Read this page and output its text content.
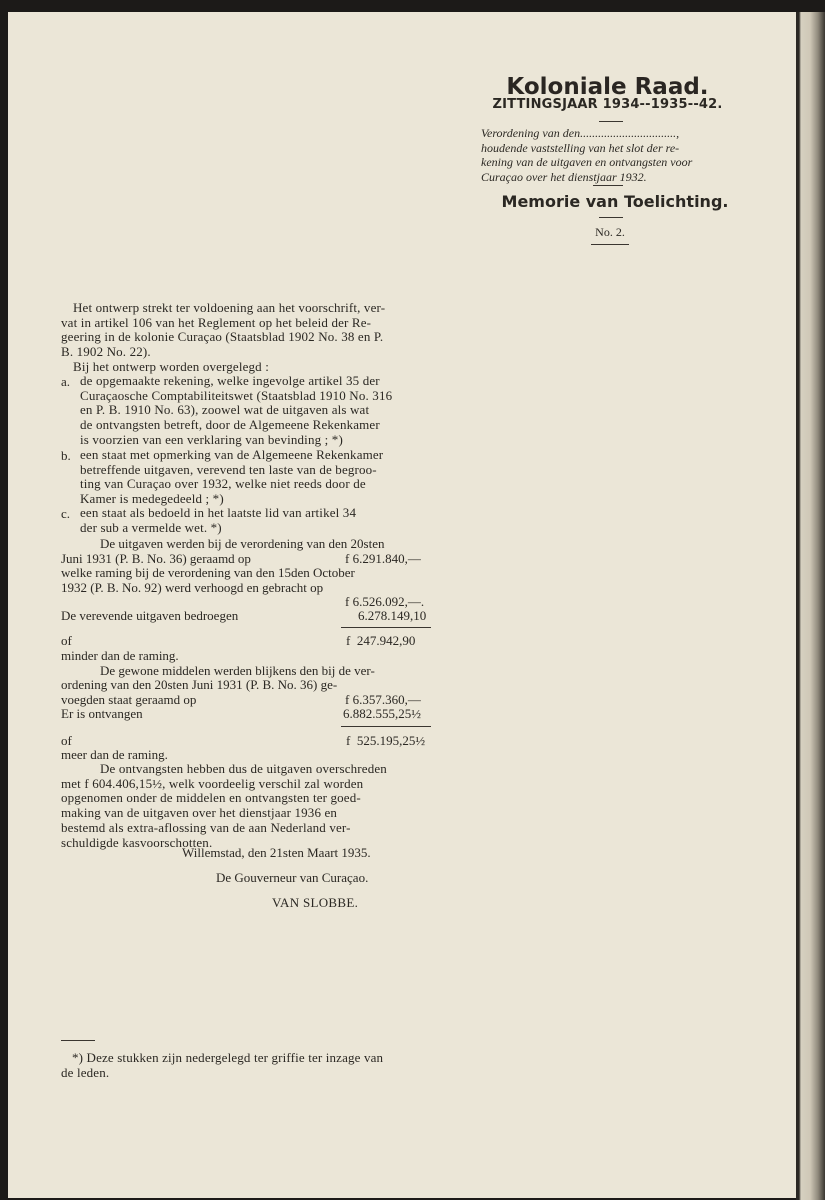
Koloniale Raad.
ZITTINGSJAAR 1934--1935--42.
Verordening van den................................,
houdende vaststelling van het slot der re-
kening van de uitgaven en ontvangsten voor
Curaçao over het dienstjaar 1932.
Memorie van Toelichting.
No. 2.
Het ontwerp strekt ter voldoening aan het voorschrift, ver-
vat in artikel 106 van het Reglement op het beleid der Re-
geering in de kolonie Curaçao (Staatsblad 1902 No. 38 en P.
B. 1902 No. 22).
Bij het ontwerp worden overgelegd :
a. de opgemaakte rekening, welke ingevolge artikel 35 der
Curaçaosche Comptabiliteitswet (Staatsblad 1910 No. 316
en P. B. 1910 No. 63), zoowel wat de uitgaven als wat
de ontvangsten betreft, door de Algemeene Rekenkamer
is voorzien van een verklaring van bevinding ; *)
b. een staat met opmerking van de Algemeene Rekenkamer
betreffende uitgaven, verevend ten laste van de begroo-
ting van Curaçao over 1932, welke niet reeds door de
Kamer is medegedeeld ; *)
c. een staat als bedoeld in het laatste lid van artikel 34
der sub a vermelde wet. *)
De uitgaven werden bij de verordening van den 20sten
Juni 1931 (P. B. No. 36) geraamd op	f 6.291.840,—
welke raming bij de verordening van den 15den October
1932 (P. B. No. 92) werd verhoogd en gebracht op
f 6.526.092,—.
De verevende uitgaven bedroegen	6.278.149,10
of	f  247.942,90
minder dan de raming.
De gewone middelen werden blijkens den bij de ver-
ordening van den 20sten Juni 1931 (P. B. No. 36) ge-
voegden staat geraamd op	f 6.357.360,—
Er is ontvangen	6.882.555,25½
of	f  525.195,25½
meer dan de raming.
De ontvangsten hebben dus de uitgaven overschreden
met f 604.406,15½, welk voordeelig verschil zal worden
opgenomen onder de middelen en ontvangsten ter goed-
making van de uitgaven over het dienstjaar 1936 en
bestemd als extra-aflossing van de aan Nederland ver-
schuldigde kasvoorschotten.
Willemstad, den 21sten Maart 1935.
De Gouverneur van Curaçao.
VAN SLOBBE.
*) Deze stukken zijn nedergelegd ter griffie ter inzage van
de leden.
